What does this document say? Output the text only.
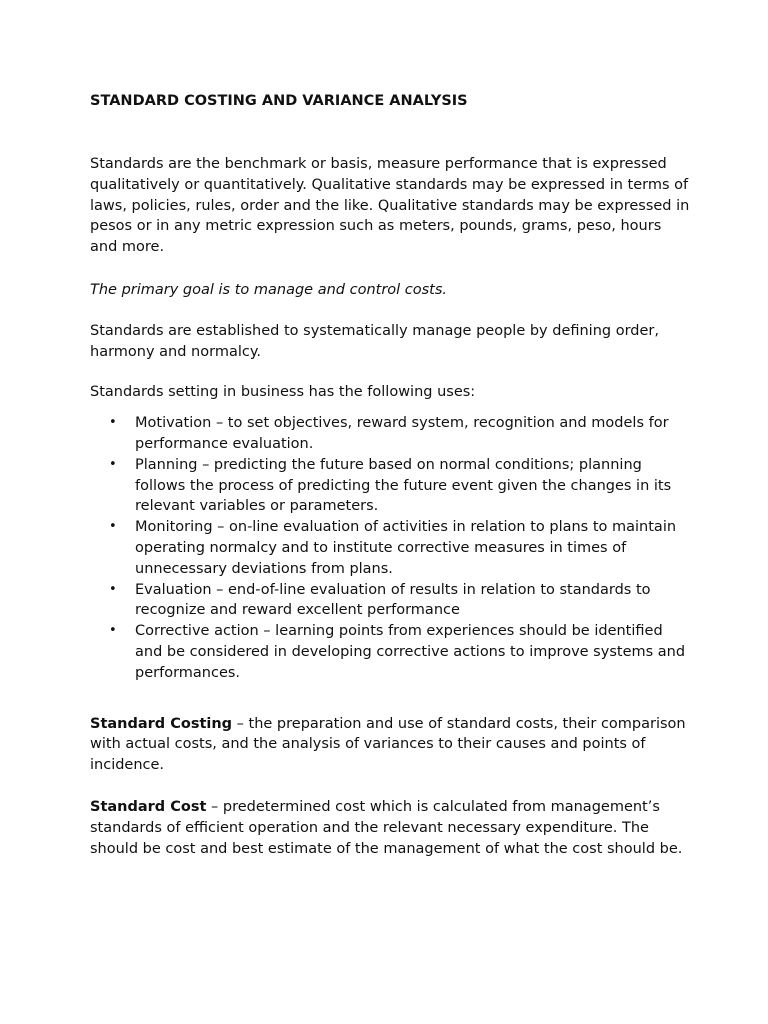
STANDARD COSTING AND VARIANCE ANALYSIS

Standards are the benchmark or basis, measure performance that is expressed qualitatively or quantitatively. Qualitative standards may be expressed in terms of laws, policies, rules, order and the like. Qualitative standards may be expressed in pesos or in any metric expression such as meters, pounds, grams, peso, hours and more.

The primary goal is to manage and control costs.

Standards are established to systematically manage people by defining order, harmony and normalcy.

Standards setting in business has the following uses:

• Motivation – to set objectives, reward system, recognition and models for performance evaluation.
• Planning – predicting the future based on normal conditions; planning follows the process of predicting the future event given the changes in its relevant variables or parameters.
• Monitoring – on-line evaluation of activities in relation to plans to maintain operating normalcy and to institute corrective measures in times of unnecessary deviations from plans.
• Evaluation – end-of-line evaluation of results in relation to standards to recognize and reward excellent performance
• Corrective action – learning points from experiences should be identified and be considered in developing corrective actions to improve systems and performances.

Standard Costing – the preparation and use of standard costs, their comparison with actual costs, and the analysis of variances to their causes and points of incidence.

Standard Cost – predetermined cost which is calculated from management’s standards of efficient operation and the relevant necessary expenditure. The should be cost and best estimate of the management of what the cost should be.
